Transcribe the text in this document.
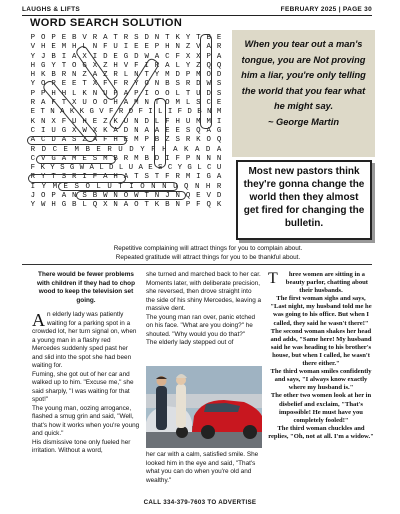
LAUGHS & LIFTS	FEBRUARY 2025 | PAGE 30
WORD SEARCH SOLUTION
P O P E B V R A T R S D N T K Y T B E
V H E M H L N F U I E E P H N Z V A R
Y J B I A X I D E G D W A C F X X P A
H G Y T O G X Z H V F I R A L Y Z Q Q
H K B R N Z A Z R L N T Y M D P M O D
Y O R E E T X F F R Y O N B S R D W S
P P H H L K N U P A P I O O L T U D S
R A F T X U O O H A M N T O M L S C E
E T N A K K G V F R O F I L I F D B N M
K N X F U H E Z K U N D L F H U M M I
C I U G X W X K A D N A A E E S Q A G
A C D A S Z A F H E M P B Z S R K O Q
R D C E M B E R U D Y F H A K A D A
C V G A M E S M B R M B D I F P N N N
F K Y S G W A L D L U A E S C Y G L C U
R Y T S R I F A H A T S T F R M I G A
I Y M E S O L U T I O N N U Q N H R
J O P A N S B W N O W T N J N Q E V D
Y W H G B L Q X N A O T K B N P F Q K
When you tear out a man's tongue, you are Not proving him a liar, you're only telling the world that you fear what he might say.
~ George Martin
Most new pastors think they're gonna change the world then they almost get fired for changing the bulletin.
Repetitive complaining will attract things for you to complain about.
Repeated gratitude will attract things for you to be thankful about.
There would be fewer problems with children if they had to chop wood to keep the television set going.
An elderly lady was patiently waiting for a parking spot in a crowded lot, her turn signal on, when a young man in a flashy red Mercedes suddenly sped past her and slid into the spot she had been waiting for.
Fuming, she got out of her car and walked up to him. "Excuse me," she said sharply, "I was waiting for that spot!"
The young man, oozing arrogance, flashed a smug grin and said, "Well, that's how it works when you're young and quick."
His dismissive tone only fueled her irritation. Without a word,
she turned and marched back to her car. Moments later, with deliberate precision, she reversed, then drove straight into the side of his shiny Mercedes, leaving a massive dent.
The young man ran over, panic etched on his face. "What are you doing?" he shouted. "Why would you do that?"
The elderly lady stepped out of
her car with a calm, satisfied smile. She looked him in the eye and said, "That's what you can do when you're old and wealthy."
T hree women are sitting in a beauty parlor, chatting about their husbands.
The first woman sighs and says, "Last night, my husband told me he was going to his office. But when I called, they said he wasn't there!"
The second woman shakes her head and adds, "Same here! My husband said he was heading to his brother's house, but when I called, he wasn't there either."
The third woman smiles confidently and says, "I always know exactly where my husband is."
The other two women look at her in disbelief and exclaim, "That's impossible! He must have you completely fooled!"
The third woman chuckles and replies, "Oh, not at all. I'm a widow."
CALL 334-379-7603 TO ADVERTISE
